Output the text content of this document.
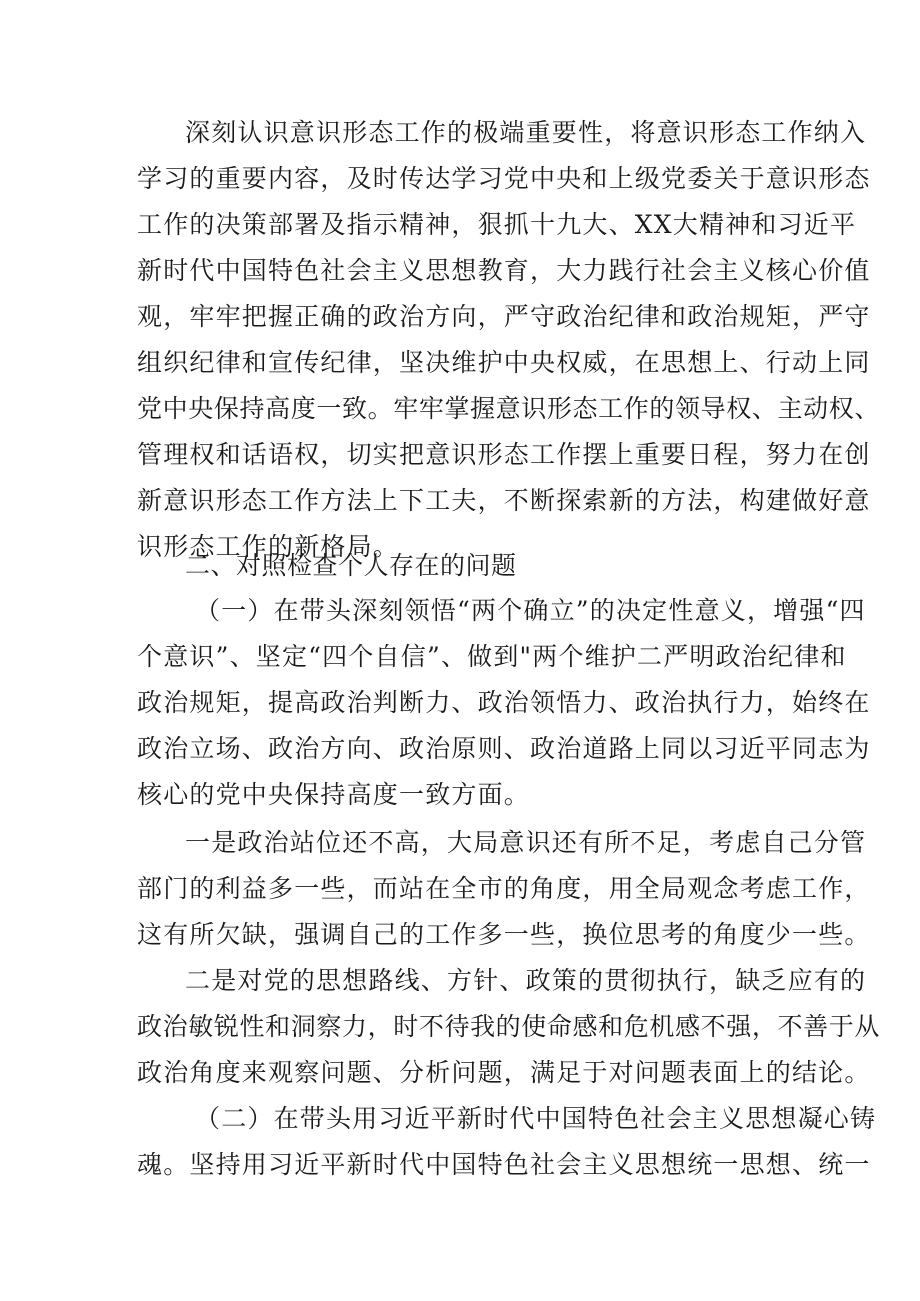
深刻认识意识形态工作的极端重要性，将意识形态工作纳入
学习的重要内容，及时传达学习党中央和上级党委关于意识形态
工作的决策部署及指示精神，狠抓十九大、XX大精神和习近平
新时代中国特色社会主义思想教育，大力践行社会主义核心价值
观，牢牢把握正确的政治方向，严守政治纪律和政治规矩，严守
组织纪律和宣传纪律，坚决维护中央权威，在思想上、行动上同
党中央保持高度一致。牢牢掌握意识形态工作的领导权、主动权、
管理权和话语权，切实把意识形态工作摆上重要日程，努力在创
新意识形态工作方法上下工夫，不断探索新的方法，构建做好意
识形态工作的新格局。
二、对照检查个人存在的问题
（一）在带头深刻领悟“两个确立”的决定性意义，增强“四
个意识”、坚定“四个自信”、做到"两个维护二严明政治纪律和
政治规矩，提高政治判断力、政治领悟力、政治执行力，始终在
政治立场、政治方向、政治原则、政治道路上同以习近平同志为
核心的党中央保持高度一致方面。
一是政治站位还不高，大局意识还有所不足，考虑自己分管
部门的利益多一些，而站在全市的角度，用全局观念考虑工作，
这有所欠缺，强调自己的工作多一些，换位思考的角度少一些。
二是对党的思想路线、方针、政策的贯彻执行，缺乏应有的
政治敏锐性和洞察力，时不待我的使命感和危机感不强，不善于从
政治角度来观察问题、分析问题，满足于对问题表面上的结论。
（二）在带头用习近平新时代中国特色社会主义思想凝心铸
魂。坚持用习近平新时代中国特色社会主义思想统一思想、统一
